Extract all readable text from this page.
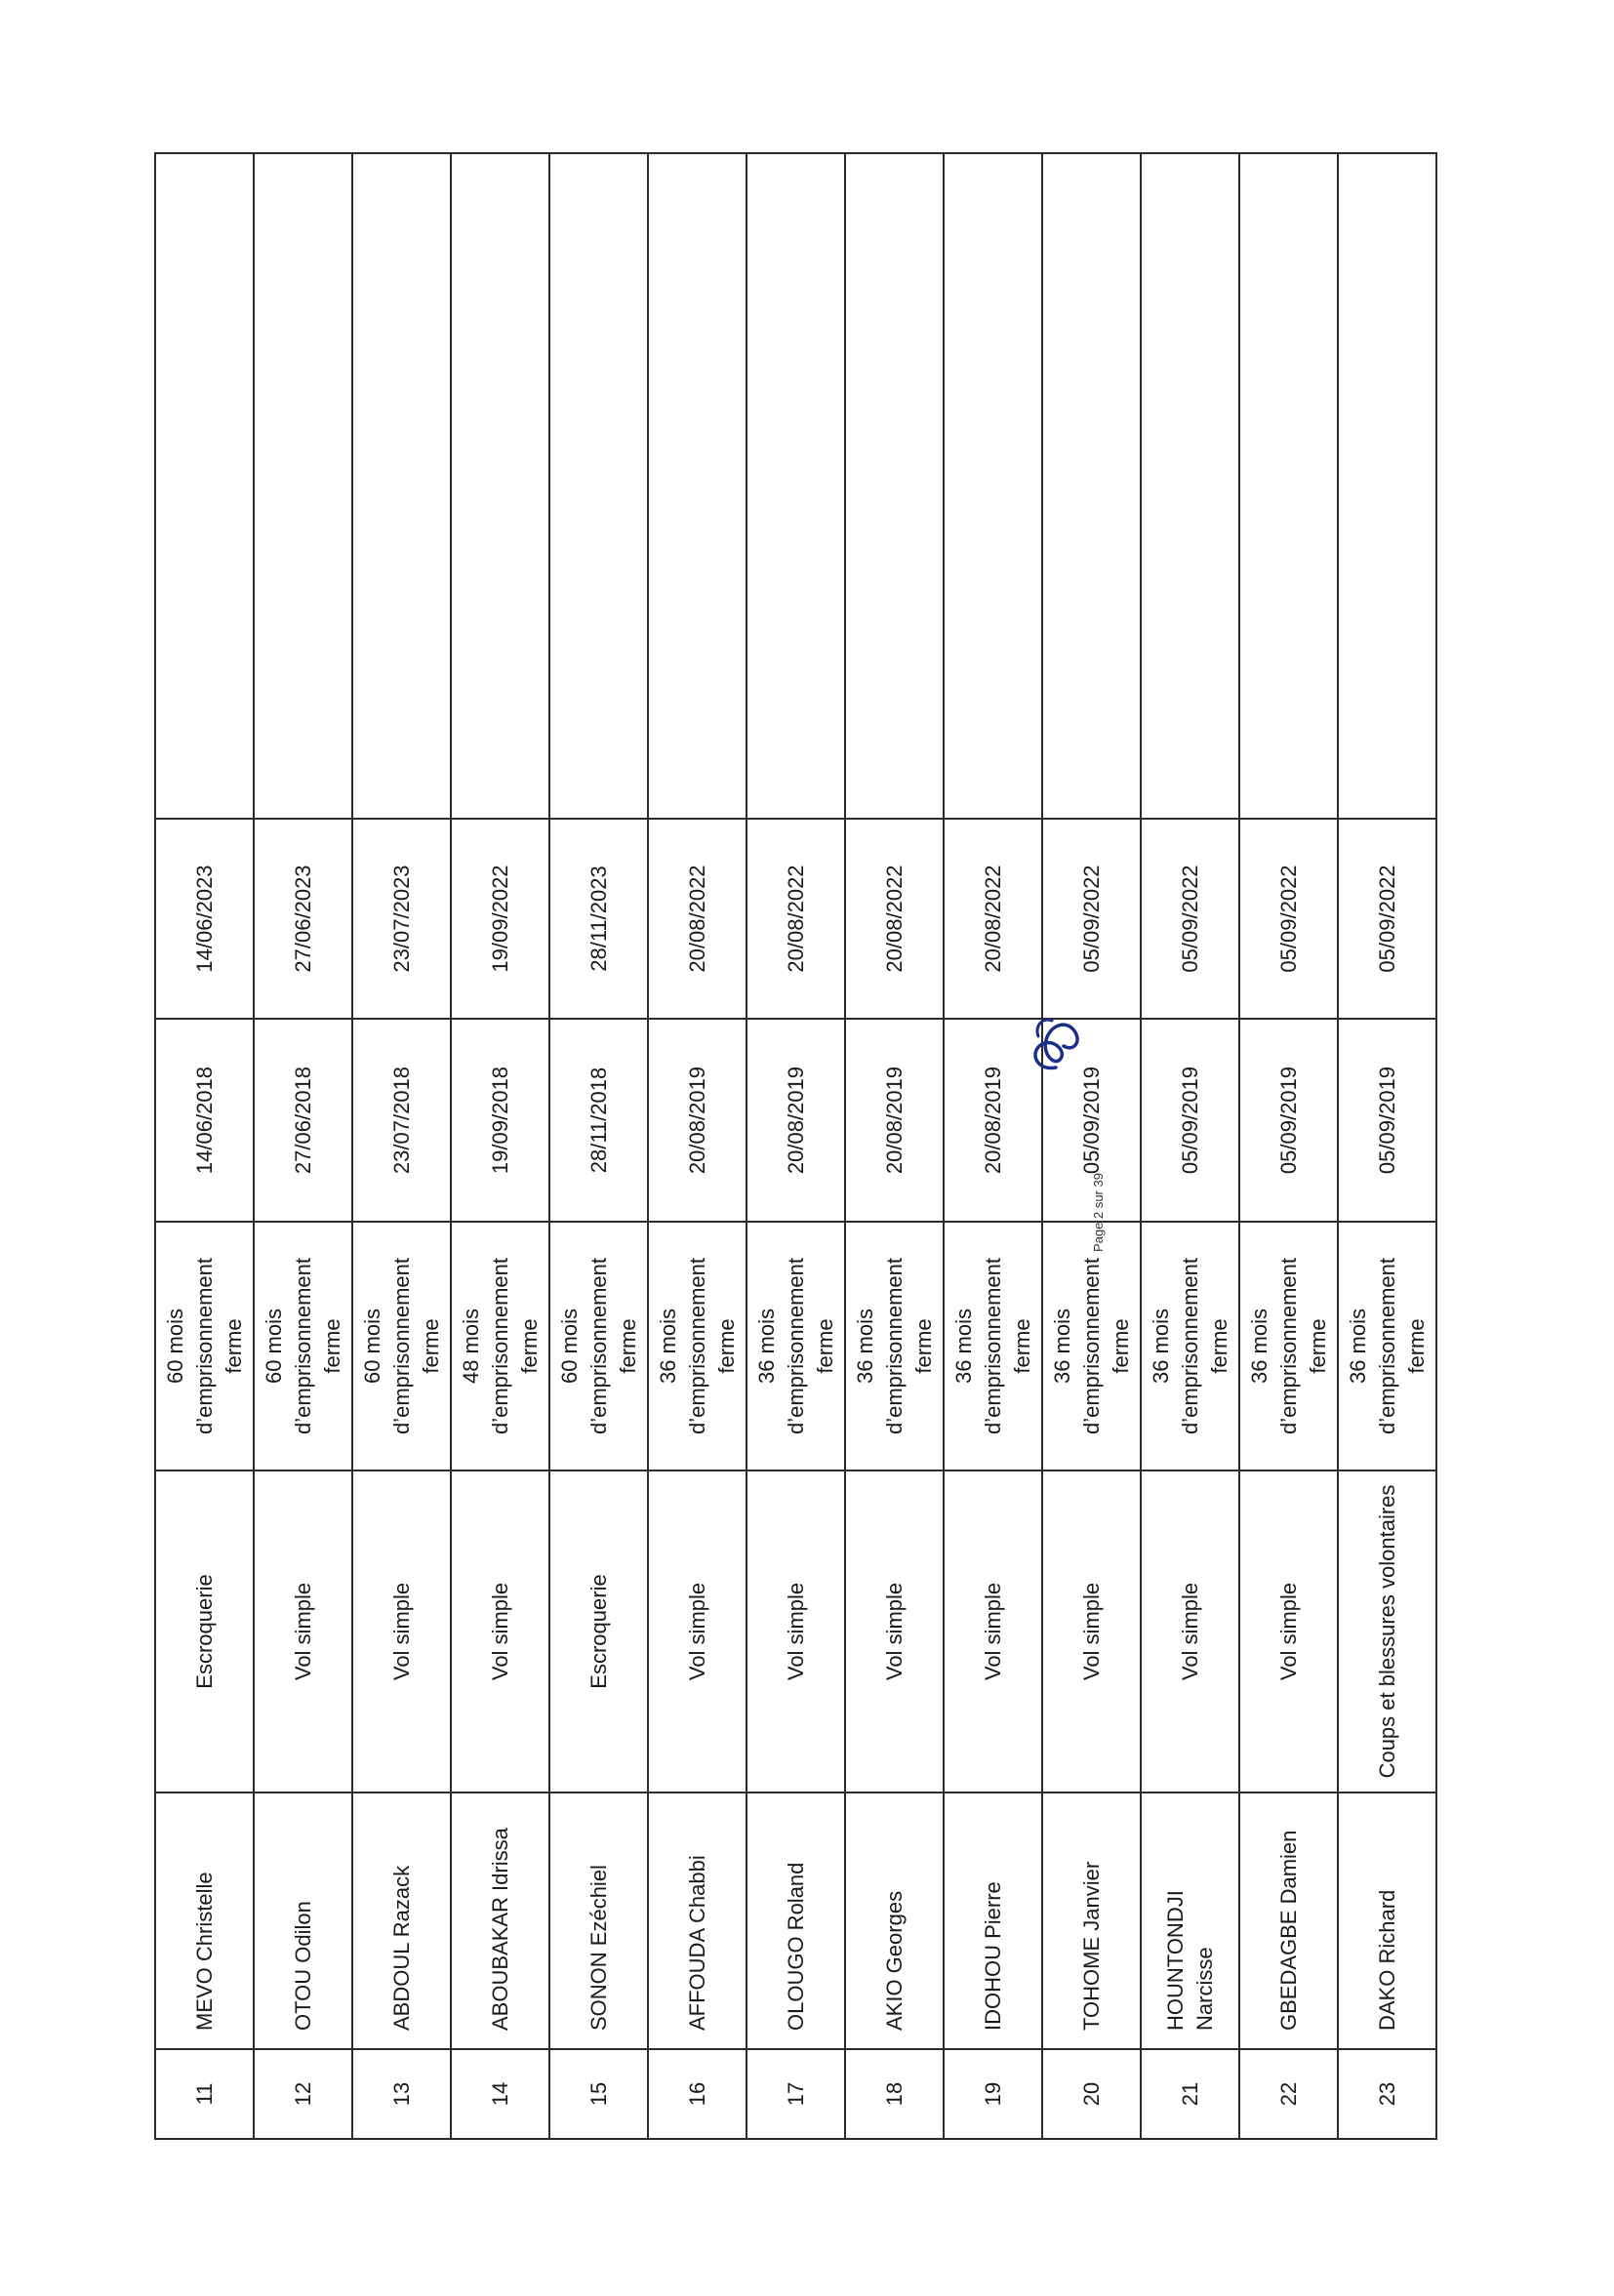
11	MEVO Christelle	Escroquerie	60 mois d’emprisonnement ferme	14/06/2018	14/06/2023	
12	OTOU Odilon	Vol simple	60 mois d’emprisonnement ferme	27/06/2018	27/06/2023	
13	ABDOUL Razack	Vol simple	60 mois d’emprisonnement ferme	23/07/2018	23/07/2023	
14	ABOUBAKAR Idrissa	Vol simple	48 mois d’emprisonnement ferme	19/09/2018	19/09/2022	
15	SONON Ezéchiel	Escroquerie	60 mois d’emprisonnement ferme	28/11/2018	28/11/2023	
16	AFFOUDA Chabbi	Vol simple	36 mois d’emprisonnement ferme	20/08/2019	20/08/2022	
17	OLOUGO Roland	Vol simple	36 mois d’emprisonnement ferme	20/08/2019	20/08/2022	
18	AKIO Georges	Vol simple	36 mois d’emprisonnement ferme	20/08/2019	20/08/2022	
19	IDOHOU Pierre	Vol simple	36 mois d’emprisonnement ferme	20/08/2019	20/08/2022	
20	TOHOME Janvier	Vol simple	36 mois d’emprisonnement ferme	05/09/2019	05/09/2022	
21	HOUNTONDJI Narcisse	Vol simple	36 mois d’emprisonnement ferme	05/09/2019	05/09/2022	
22	GBEDAGBE Damien	Vol simple	36 mois d’emprisonnement ferme	05/09/2019	05/09/2022	
23	DAKO Richard	Coups et blessures volontaires	36 mois d’emprisonnement ferme	05/09/2019	05/09/2022	
Page 2 sur 39
